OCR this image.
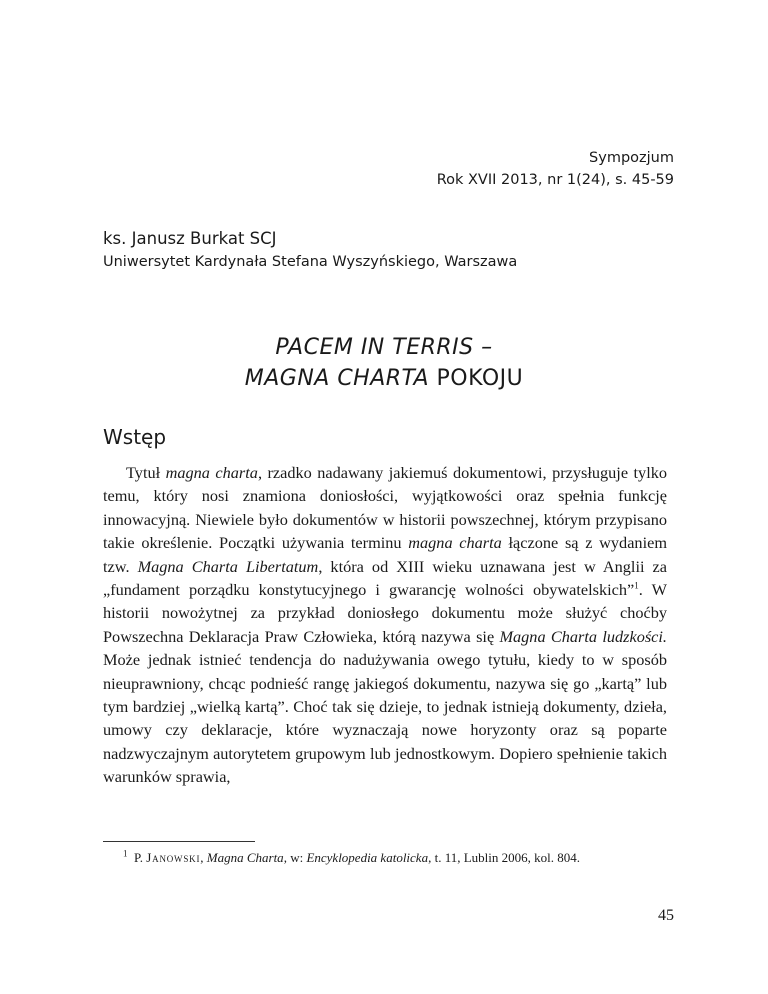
Sympozjum
Rok XVII 2013, nr 1(24), s. 45-59
ks. Janusz Burkat SCJ
Uniwersytet Kardynała Stefana Wyszyńskiego, Warszawa
PACEM IN TERRIS –
MAGNA CHARTA POKOJU
Wstęp

Tytuł magna charta, rzadko nadawany jakiemuś dokumentowi, przysługuje tylko temu, który nosi znamiona doniosłości, wyjątkowości oraz spełnia funkcję innowacyjną. Niewiele było dokumentów w historii powszechnej, którym przypisano takie określenie. Początki używania terminu magna charta łączone są z wydaniem tzw. Magna Charta Libertatum, która od XIII wieku uznawana jest w Anglii za „fundament porządku konstytucyjnego i gwarancję wolności obywatelskich”$^1$. W historii nowożytnej za przykład doniosłego dokumentu może służyć choćby Powszechna Deklaracja Praw Człowieka, którą nazywa się Magna Charta ludzkości. Może jednak istnieć tendencja do nadużywania owego tytułu, kiedy to w sposób nieuprawniony, chcąc podnieść rangę jakiegoś dokumentu, nazywa się go „kartą” lub tym bardziej „wielką kartą”. Choć tak się dzieje, to jednak istnieją dokumenty, dzieła, umowy czy deklaracje, które wyznaczają nowe horyzonty oraz są poparte nadzwyczajnym autorytetem grupowym lub jednostkowym. Dopiero spełnienie takich warunków sprawia,

$^1$ P. Janowski, Magna Charta, w: Encyklopedia katolicka, t. 11, Lublin 2006, kol. 804.

45
